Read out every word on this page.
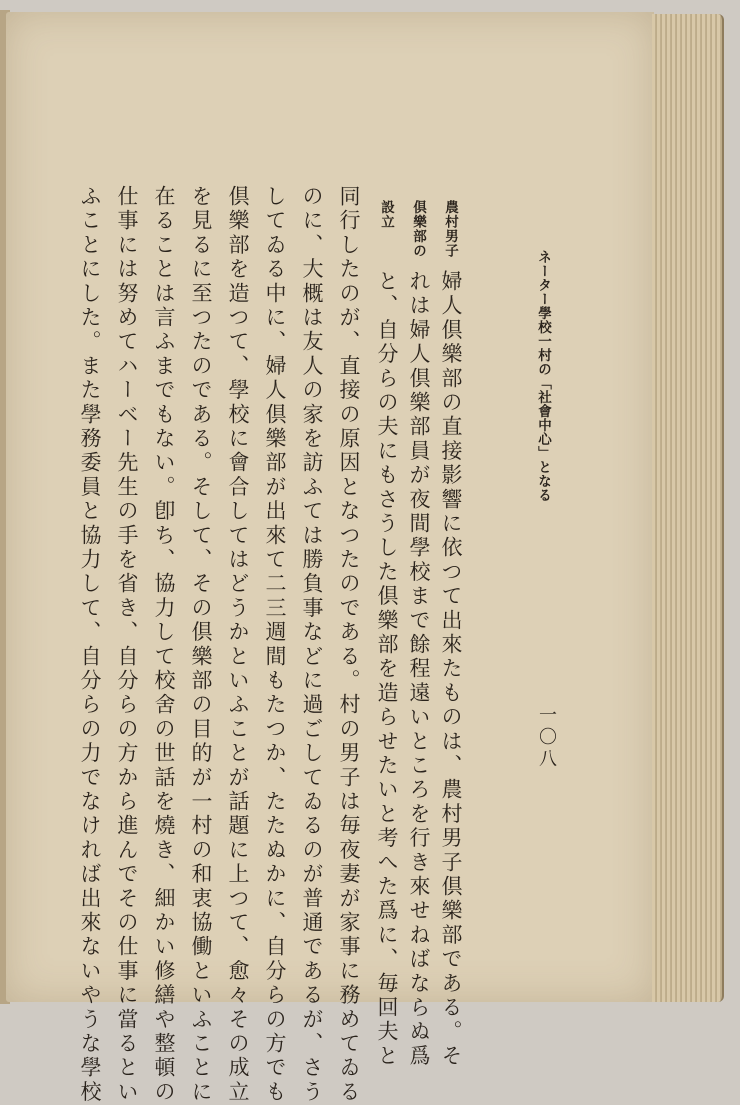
ネーター學校一村の「社會中心」となる
一〇八
農村男子
倶樂部の
設立
婦人倶樂部の直接影響に依つて出來たものは、農村男子倶樂部である。そ
れは婦人倶樂部員が夜間學校まで餘程遠いところを行き來せねばならぬ爲
と、自分らの夫にもさうした倶樂部を造らせたいと考へた爲に、毎回夫と
同行したのが、直接の原因となつたのである。村の男子は毎夜妻が家事に務めてゐる
のに、大概は友人の家を訪ふては勝負事などに過ごしてゐるのが普通であるが、さう
してゐる中に、婦人倶樂部が出來て二三週間もたつか、たたぬかに、自分らの方でも
倶樂部を造つて、學校に會合してはどうかといふことが話題に上つて、愈々その成立
を見るに至つたのである。そして、その倶樂部の目的が一村の和衷協働といふことに
在ることは言ふまでもない。卽ち、協力して校舍の世話を燒き、細かい修繕や整頓の
仕事には努めてハーベー先生の手を省き、自分らの方から進んでその仕事に當るとい
ふことにした。また學務委員と協力して、自分らの力でなければ出來ないやうな學校
